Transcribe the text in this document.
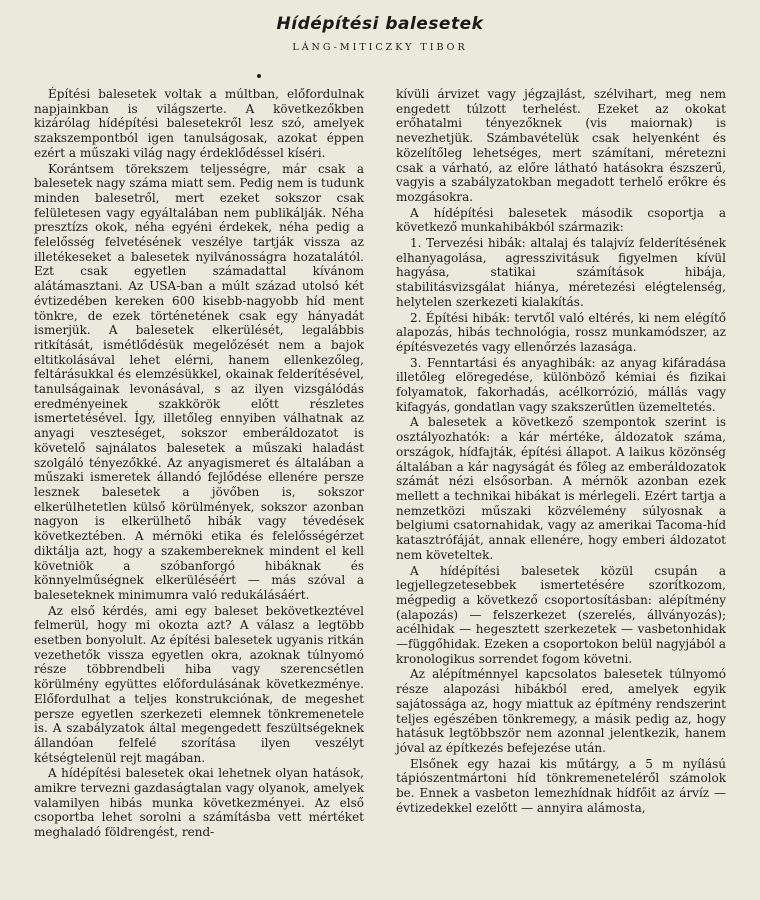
Hídépítési balesetek
LÁNG-MITICZKY TIBOR

Építési balesetek voltak a múltban, előfordulnak napjainkban is világszerte. A következőkben kizárólag hídépítési balesetekről lesz szó, amelyek szakszempontból igen tanulságosak, azokat éppen ezért a műszaki világ nagy érdeklődéssel kíséri.

Korántsem törekszem teljességre, már csak a balesetek nagy száma miatt sem. Pedig nem is tudunk minden balesetről, mert ezeket sokszor csak felületesen vagy egyáltalában nem publikálják. Néha presztízs okok, néha egyéni érdekek, néha pedig a felelősség felvetésének veszélye tartják vissza az illetékeseket a balesetek nyilvánosságra hozatalától. Ezt csak egyetlen számadattal kívánom alátámasztani. Az USA-ban a múlt század utolsó két évtizedében kereken 600 kisebb-nagyobb híd ment tönkre, de ezek történetének csak egy hányadát ismerjük. A balesetek elkerülését, legalábbis ritkítását, ismétlődésük megelőzését nem a bajok eltitkolásával lehet elérni, hanem ellenkezőleg, feltárásukkal és elemzésükkel, okainak felderítésével, tanulságainak levonásával, s az ilyen vizsgálódás eredményeinek szakkörök előtt részletes ismertetésével. Így, illetőleg ennyiben válhatnak az anyagi veszteséget, sokszor emberáldozatot is követelő sajnálatos balesetek a műszaki haladást szolgáló tényezőkké. Az anyagismeret és általában a műszaki ismeretek állandó fejlődése ellenére persze lesznek balesetek a jövőben is, sokszor elkerülhetetlen külső körülmények, sokszor azonban nagyon is elkerülhető hibák vagy tévedések következtében. A mérnöki etika és felelősségérzet diktálja azt, hogy a szakembereknek mindent el kell követniök a szóbanforgó hibáknak és könnyelműségnek elkerüléséért — más szóval a baleseteknek minimumra való redukálásáért.

Az első kérdés, ami egy baleset bekövetkeztével felmerül, hogy mi okozta azt? A válasz a legtöbb esetben bonyolult. Az építési balesetek ugyanis ritkán vezethetők vissza egyetlen okra, azoknak túlnyomó része többrendbeli hiba vagy szerencsétlen körülmény együttes előfordulásának következménye. Előfordulhat a teljes konstrukciónak, de megeshet persze egyetlen szerkezeti elemnek tönkremenetele is. A szabályzatok által megengedett feszültségeknek állandóan felfelé szorítása ilyen veszélyt kétségtelenül rejt magában.

A hídépítési balesetek okai lehetnek olyan hatások, amikre tervezni gazdaságtalan vagy olyanok, amelyek valamilyen hibás munka következményei. Az első csoportba lehet sorolni a számításba vett mértéket meghaladó földrengést, rend-

kívüli árvizet vagy jégzajlást, szélvihart, meg nem engedett túlzott terhelést. Ezeket az okokat erőhatalmi tényezőknek (vis maiornak) is nevezhetjük. Számbavételük csak helyenként és közelítőleg lehetséges, mert számítani, méretezni csak a várható, az előre látható hatásokra észszerű, vagyis a szabályzatokban megadott terhelő erőkre és mozgásokra.

A hídépítési balesetek második csoportja a következő munkahibákból származik:

1. Tervezési hibák: altalaj és talajvíz felderítésének elhanyagolása, agresszivitásuk figyelmen kívül hagyása, statikai számítások hibája, stabilitásvizsgálat hiánya, méretezési elégtelenség, helytelen szerkezeti kialakítás.

2. Építési hibák: tervtől való eltérés, ki nem elégítő alapozás, hibás technológia, rossz munkamódszer, az építésvezetés vagy ellenőrzés lazasága.

3. Fenntartási és anyaghibák: az anyag kifáradása illetőleg elöregedése, különböző kémiai és fizikai folyamatok, fakorhadás, acélkorrózió, mállás vagy kifagyás, gondatlan vagy szakszerűtlen üzemeltetés.

A balesetek a következő szempontok szerint is osztályozhatók: a kár mértéke, áldozatok száma, országok, hídfajták, építési állapot. A laikus közönség általában a kár nagyságát és főleg az emberáldozatok számát nézi elsősorban. A mérnök azonban ezek mellett a technikai hibákat is mérlegeli. Ezért tartja a nemzetközi műszaki közvélemény súlyosnak a belgiumi csatornahidak, vagy az amerikai Tacoma-híd katasztrófáját, annak ellenére, hogy emberi áldozatot nem követeltek.

A hídépítési balesetek közül csupán a legjellegzetesebbek ismertetésére szorítkozom, mégpedig a következő csoportosításban: alépítmény (alapozás) — felszerkezet (szerelés, állványozás); acélhidak — hegesztett szerkezetek — vasbetonhidak—függőhidak. Ezeken a csoportokon belül nagyjából a kronologikus sorrendet fogom követni.

Az alépítménnyel kapcsolatos balesetek túlnyomó része alapozási hibákból ered, amelyek egyik sajátossága az, hogy miattuk az építmény rendszerint teljes egészében tönkremegy, a másik pedig az, hogy hatásuk legtöbbször nem azonnal jelentkezik, hanem jóval az építkezés befejezése után.

Elsőnek egy hazai kis műtárgy, a 5 m nyílású tápiószentmártoni híd tönkremeneteléről számolok be. Ennek a vasbeton lemezhídnak hídfőit az árvíz — évtizedekkel ezelőtt — annyira alámosta,
